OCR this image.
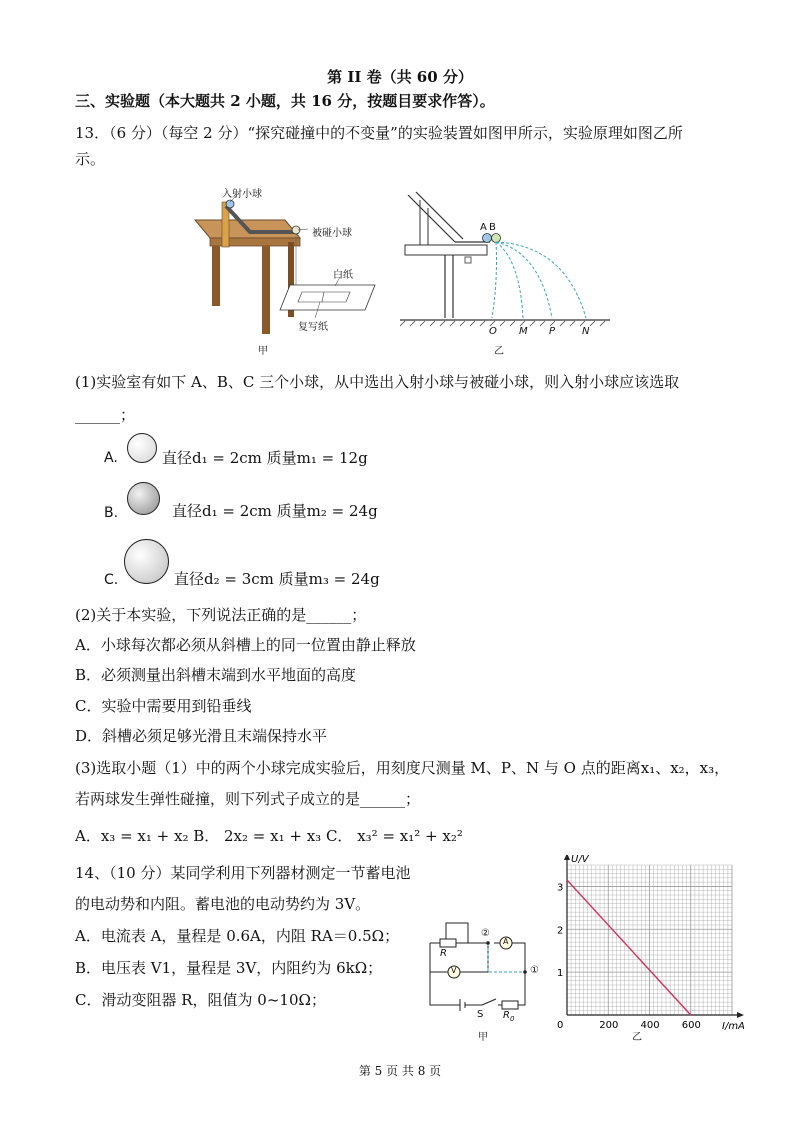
第 II 卷（共 60 分）
三、实验题（本大题共 2 小题，共 16 分，按题目要求作答）。
13．（6 分）（每空 2 分）“探究碰撞中的不变量”的实验装置如图甲所示，实验原理如图乙所
示。
入射小球
被碰小球
白纸
复写纸
甲
A B
O M P	N
乙
(1)实验室有如下 A、B、C 三个小球，从中选出入射小球与被碰小球，则入射小球应该选取
______；
A.	直径d₁ = 2cm 质量m₁ = 12g
B.	直径d₁ = 2cm 质量m₂ = 24g
C.	直径d₂ = 3cm 质量m₃ = 24g
(2)关于本实验，下列说法正确的是______；
A．小球每次都必须从斜槽上的同一位置由静止释放
B．必须测量出斜槽末端到水平地面的高度
C．实验中需要用到铅垂线
D．斜槽必须足够光滑且末端保持水平
(3)选取小题（1）中的两个小球完成实验后，用刻度尺测量 M、P、N 与 O 点的距离x₁、x₂，x₃，
若两球发生弹性碰撞，则下列式子成立的是______；
A．x₃ = x₁ + x₂ B． 2x₂ = x₁ + x₃ C． x₃² = x₁² + x₂²
14、（10 分）某同学利用下列器材测定一节蓄电池
的电动势和内阻。蓄电池的电动势约为 3V。
A．电流表 A，量程是 0.6A，内阻 RA＝0.5Ω；
B．电压表 V1，量程是 3V，内阻约为 6kΩ；
C．滑动变阻器 R，阻值为 0~10Ω；
R
A
V
S $R_0$
②
①
甲
U/V
I/mA
0	200 400 600
1
2
3
乙
第 5 页 共 8 页
